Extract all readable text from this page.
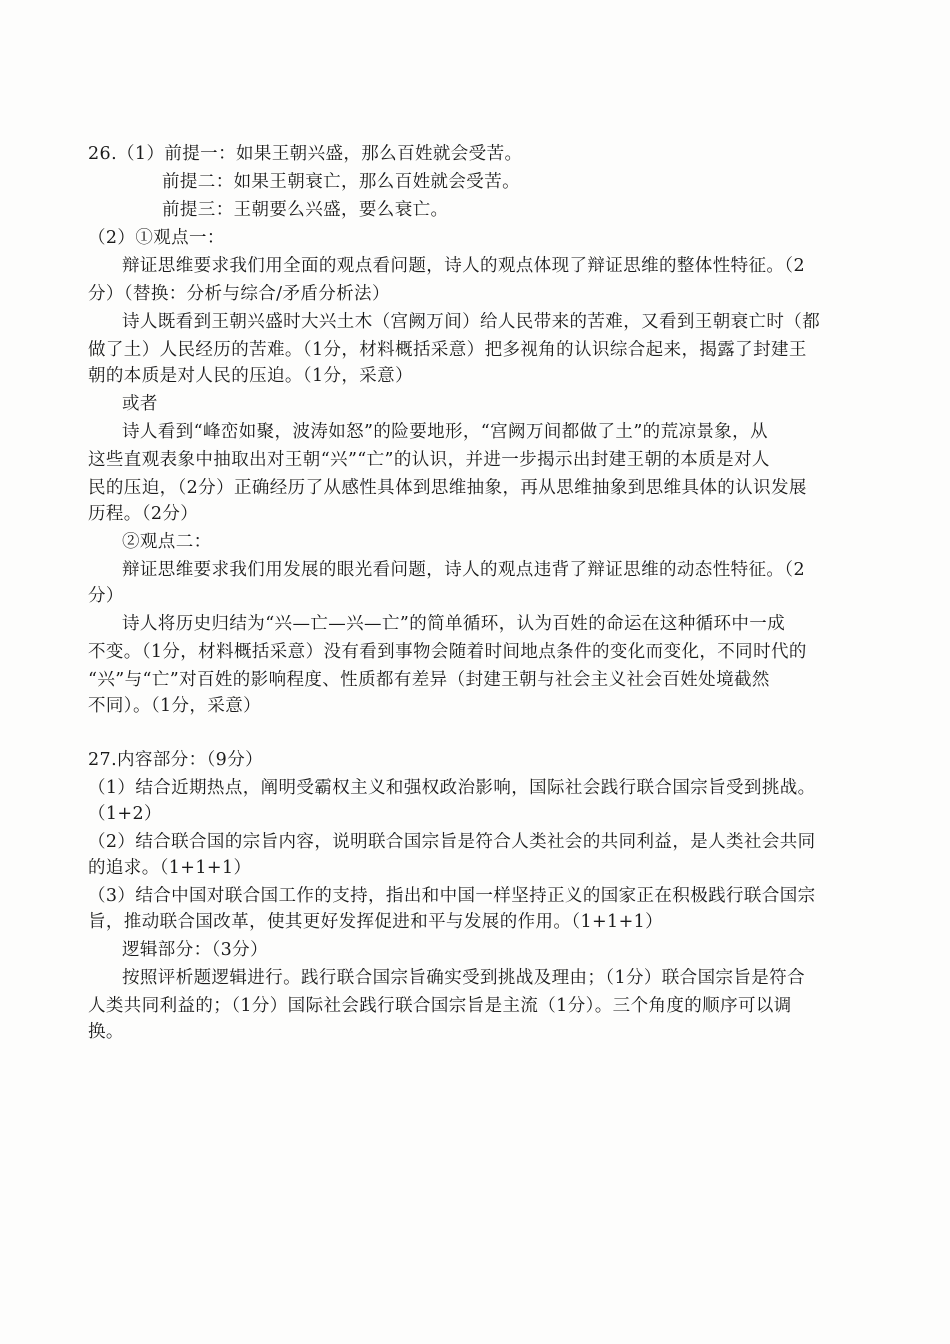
26.（1）前提一：如果王朝兴盛，那么百姓就会受苦。
前提二：如果王朝衰亡，那么百姓就会受苦。
前提三：王朝要么兴盛，要么衰亡。
（2）①观点一：
辩证思维要求我们用全面的观点看问题，诗人的观点体现了辩证思维的整体性特征。（2
分）（替换：分析与综合/矛盾分析法）
诗人既看到王朝兴盛时大兴土木（宫阙万间）给人民带来的苦难，又看到王朝衰亡时（都
做了土）人民经历的苦难。（1分，材料概括采意）把多视角的认识综合起来，揭露了封建王
朝的本质是对人民的压迫。（1分，采意）
或者
诗人看到“峰峦如聚，波涛如怒”的险要地形，“宫阙万间都做了土”的荒凉景象，从
这些直观表象中抽取出对王朝“兴”“亡”的认识，并进一步揭示出封建王朝的本质是对人
民的压迫，（2分）正确经历了从感性具体到思维抽象，再从思维抽象到思维具体的认识发展
历程。（2分）
②观点二：
辩证思维要求我们用发展的眼光看问题，诗人的观点违背了辩证思维的动态性特征。（2
分）
诗人将历史归结为“兴—亡—兴—亡”的简单循环，认为百姓的命运在这种循环中一成
不变。（1分，材料概括采意）没有看到事物会随着时间地点条件的变化而变化，不同时代的
“兴”与“亡”对百姓的影响程度、性质都有差异（封建王朝与社会主义社会百姓处境截然
不同）。（1分，采意）
27.内容部分：（9分）
（1）结合近期热点，阐明受霸权主义和强权政治影响，国际社会践行联合国宗旨受到挑战。
（1+2）
（2）结合联合国的宗旨内容，说明联合国宗旨是符合人类社会的共同利益，是人类社会共同
的追求。（1+1+1）
（3）结合中国对联合国工作的支持，指出和中国一样坚持正义的国家正在积极践行联合国宗
旨，推动联合国改革，使其更好发挥促进和平与发展的作用。（1+1+1）
逻辑部分：（3分）
按照评析题逻辑进行。践行联合国宗旨确实受到挑战及理由；（1分）联合国宗旨是符合
人类共同利益的；（1分）国际社会践行联合国宗旨是主流（1分）。三个角度的顺序可以调
换。
